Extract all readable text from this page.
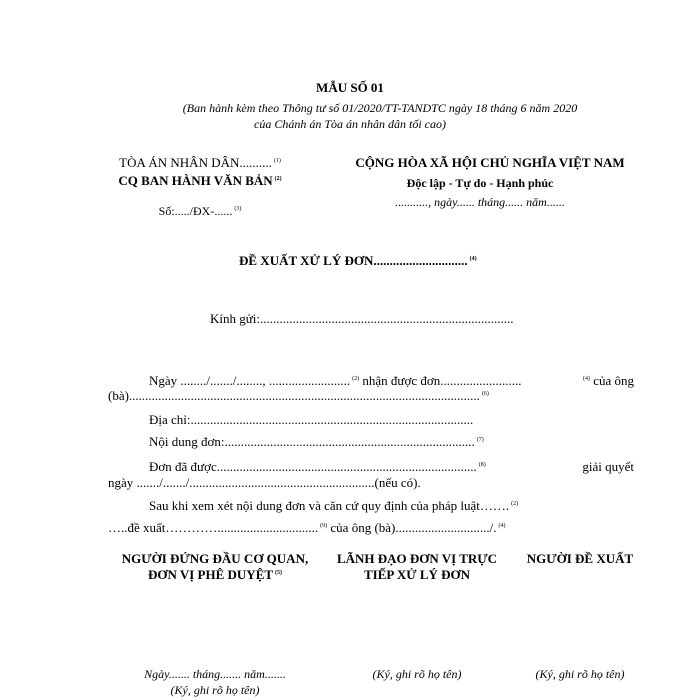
MẪU SỐ 01
(Ban hành kèm theo Thông tư số 01/2020/TT-TANDTC ngày 18 tháng 6 năm 2020
của Chánh án Tòa án nhân dân tối cao)
TÒA ÁN NHÂN DÂN.......... $^{(1)}$
CQ BAN HÀNH VĂN BẢN $^{(2)}$
Số:...../ĐX-...... $^{(3)}$
CỘNG HÒA XÃ HỘI CHỦ NGHĨA VIỆT NAM
Độc lập - Tự do - Hạnh phúc
..........., ngày...... tháng...... năm......
ĐỀ XUẤT XỬ LÝ ĐƠN............................. $^{(4)}$
Kính gửi:..............................................................................
Ngày ......../......./........, ......................... $^{(2)}$ nhận được đơn.........................	$^{(4)}$ của ông
(bà)............................................................................................................ $^{(6)}$
Địa chỉ:.......................................................................................
Nội dung đơn:............................................................................. $^{(7)}$
Đơn đã được................................................................................ $^{(8)}$	giải quyết
ngày ......./......./.........................................................(nếu có).
Sau khi xem xét nội dung đơn và căn cứ quy định của pháp luật……. $^{(2)}$
…..đề xuất…………............................... $^{(9)}$ của ông (bà)............................./. $^{(4)}$
NGƯỜI ĐỨNG ĐẦU CƠ QUAN,
ĐƠN VỊ PHÊ DUYỆT $^{(5)}$
LÃNH ĐẠO ĐƠN VỊ TRỰC
TIẾP XỬ LÝ ĐƠN
NGƯỜI ĐỀ XUẤT
Ngày....... tháng....... năm.......
(Ký, ghi rõ họ tên)
(Ký, ghi rõ họ tên)	(Ký, ghi rõ họ tên)
